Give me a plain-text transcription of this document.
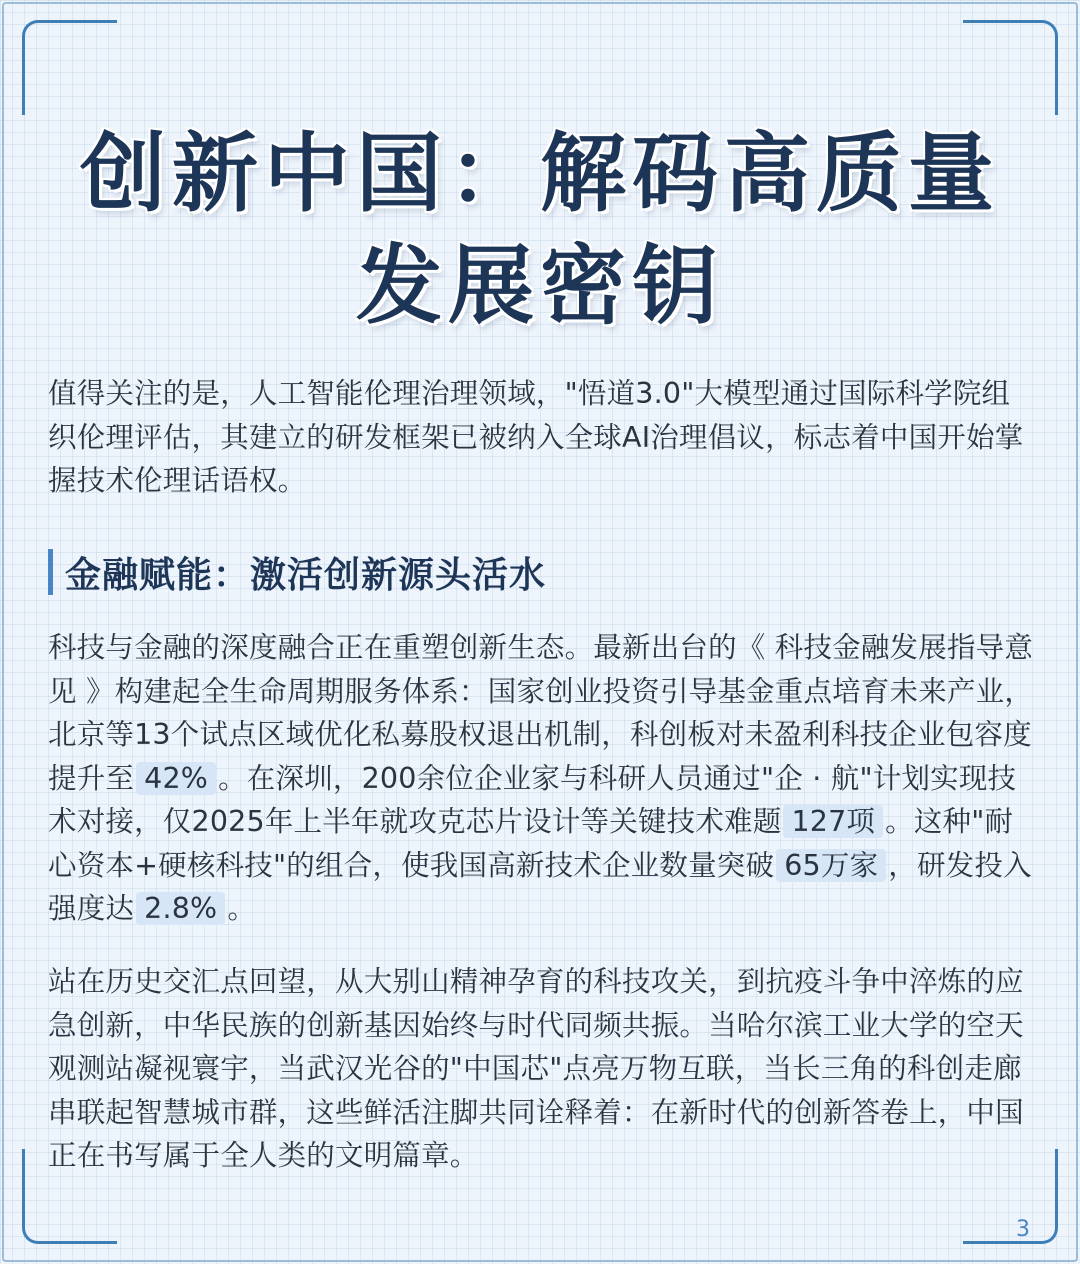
创新中国：解码高质量发展密钥

值得关注的是，人工智能伦理治理领域，"悟道3.0"大模型通过国际科学院组织伦理评估，其建立的研发框架已被纳入全球AI治理倡议，标志着中国开始掌握技术伦理话语权。

金融赋能：激活创新源头活水

科技与金融的深度融合正在重塑创新生态。最新出台的《 科技金融发展指导意见 》构建起全生命周期服务体系：国家创业投资引导基金重点培育未来产业，北京等13个试点区域优化私募股权退出机制，科创板对未盈利科技企业包容度提升至 42% 。在深圳，200余位企业家与科研人员通过"企 · 航"计划实现技术对接，仅2025年上半年就攻克芯片设计等关键技术难题 127项 。这种"耐心资本+硬核科技"的组合，使我国高新技术企业数量突破 65万家 ，研发投入强度达 2.8% 。

站在历史交汇点回望，从大别山精神孕育的科技攻关，到抗疫斗争中淬炼的应急创新，中华民族的创新基因始终与时代同频共振。当哈尔滨工业大学的空天观测站凝视寰宇，当武汉光谷的"中国芯"点亮万物互联，当长三角的科创走廊串联起智慧城市群，这些鲜活注脚共同诠释着：在新时代的创新答卷上，中国正在书写属于全人类的文明篇章。

3
